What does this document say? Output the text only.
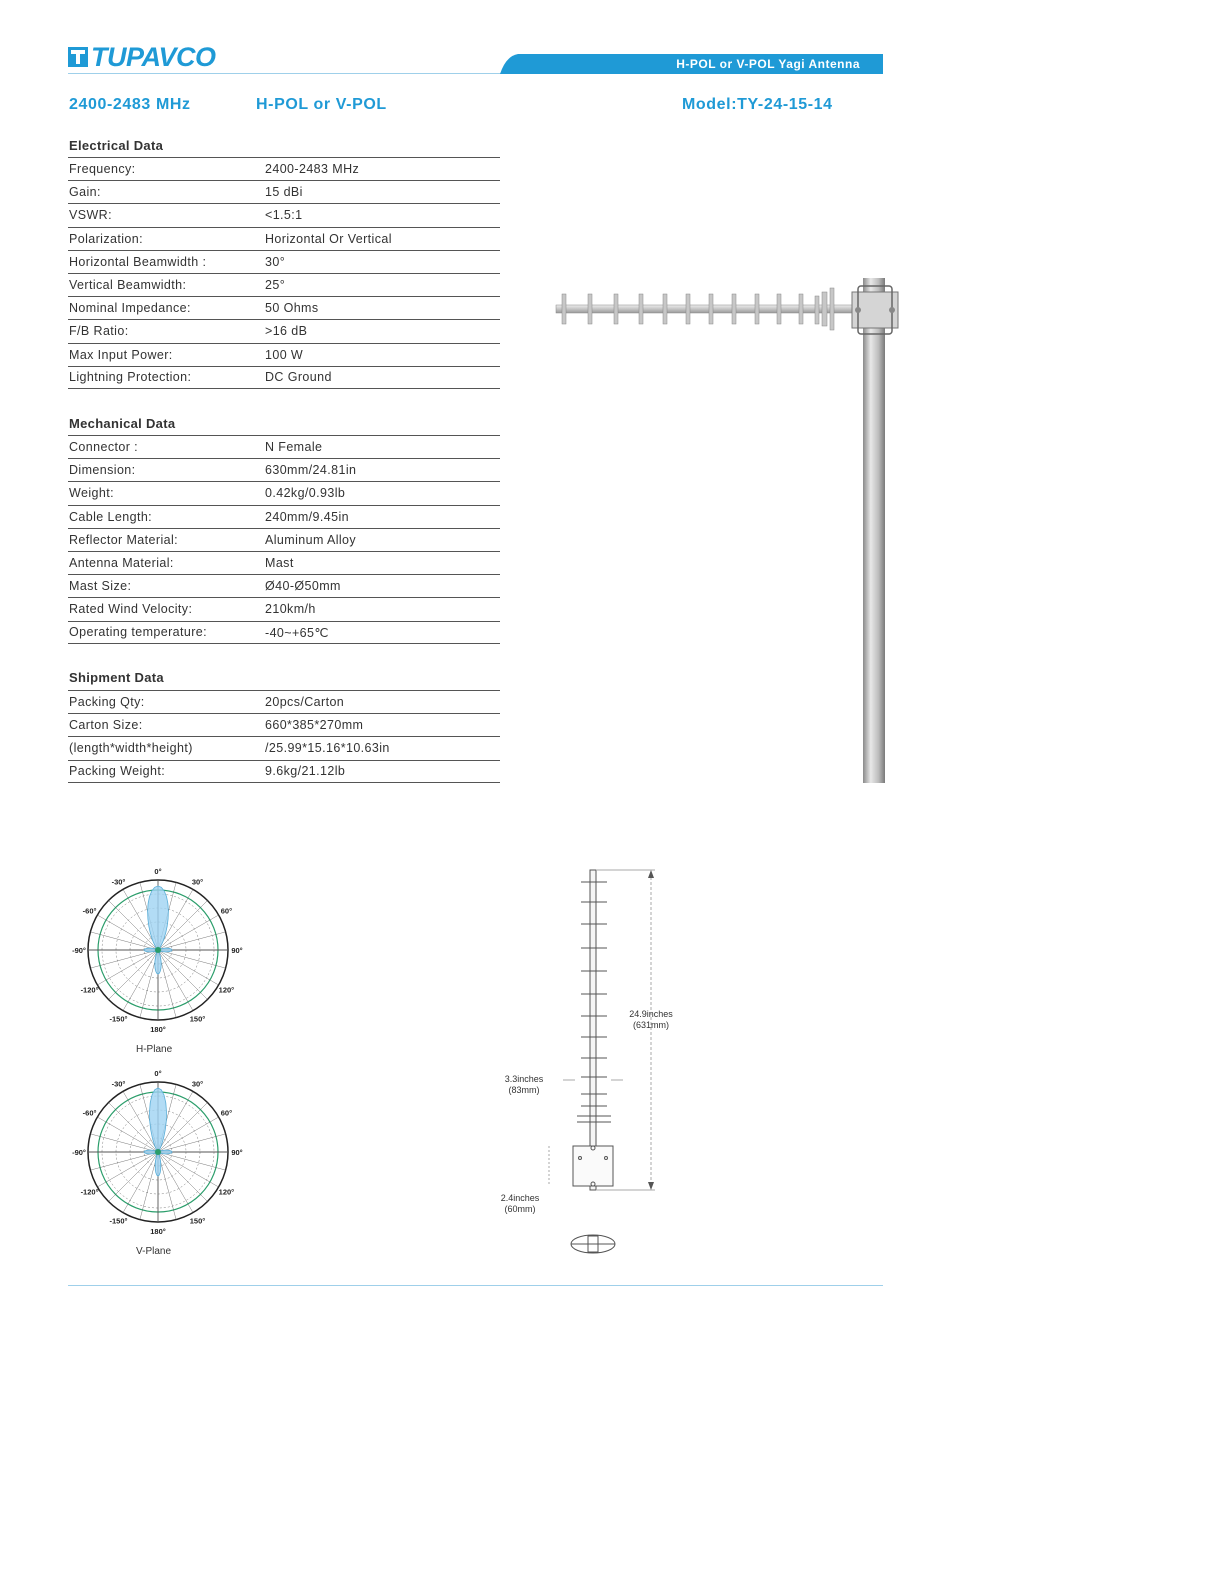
TUPAVCO	H-POL or V-POL Yagi Antenna
2400-2483 MHz	H-POL or V-POL	Model:TY-24-15-14
Electrical Data
Frequency:	2400-2483 MHz
Gain:	15 dBi
VSWR:	<1.5:1
Polarization:	Horizontal Or Vertical
Horizontal Beamwidth :	30°
Vertical Beamwidth:	25°
Nominal Impedance:	50 Ohms
F/B Ratio:	>16 dB
Max Input Power:	100 W
Lightning Protection:	DC Ground
Mechanical Data
Connector :	N Female
Dimension:	630mm/24.81in
Weight:	0.42kg/0.93lb
Cable Length:	240mm/9.45in
Reflector Material:	Aluminum Alloy
Antenna Material:	Mast
Mast Size:	Ø40-Ø50mm
Rated Wind Velocity:	210km/h
Operating temperature:	-40~+65℃
Shipment Data
Packing Qty:	20pcs/Carton
Carton Size:	660*385*270mm
(length*width*height)	/25.99*15.16*10.63in
Packing Weight:	9.6kg/21.12lb
0°
30°
60°
90°
120°
150°
180°
-150°
-120°
-90°
-60°
-30°
H-Plane
0°
30°
60°
90°
120°
150°
180°
-150°
-120°
-90°
-60°
-30°
V-Plane
24.9inches
(631mm)
3.3inches
(83mm)
2.4inches
(60mm)
